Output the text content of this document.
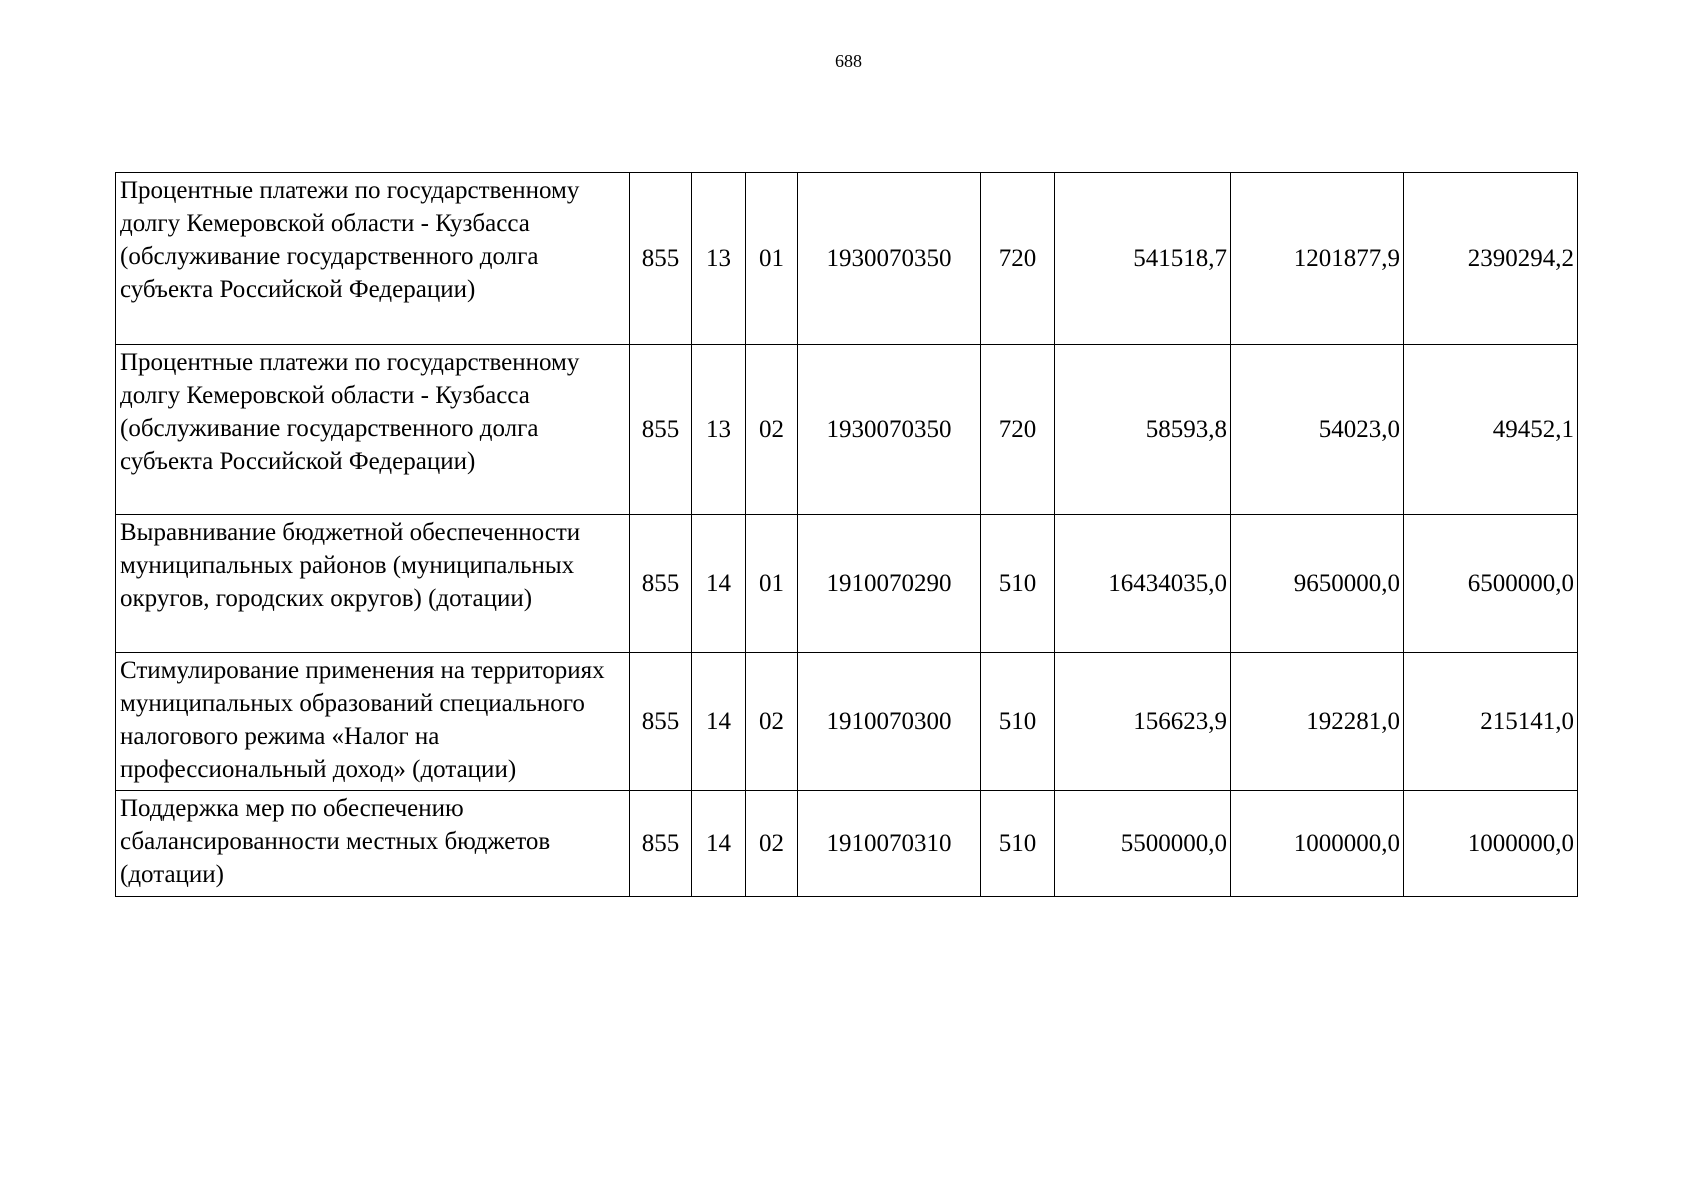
688
Процентные платежи по государственному долгу Кемеровской области - Кузбасса (обслуживание государственного долга субъекта Российской Федерации)	855	13	01	1930070350	720	541518,7	1201877,9	2390294,2
Процентные платежи по государственному долгу Кемеровской области - Кузбасса (обслуживание государственного долга субъекта Российской Федерации)	855	13	02	1930070350	720	58593,8	54023,0	49452,1
Выравнивание бюджетной обеспеченности муниципальных районов (муниципальных округов, городских округов) (дотации)	855	14	01	1910070290	510	16434035,0	9650000,0	6500000,0
Стимулирование применения на территориях муниципальных образований специального налогового режима «Налог на профессиональный доход» (дотации)	855	14	02	1910070300	510	156623,9	192281,0	215141,0
Поддержка мер по обеспечению сбалансированности местных бюджетов (дотации)	855	14	02	1910070310	510	5500000,0	1000000,0	1000000,0
